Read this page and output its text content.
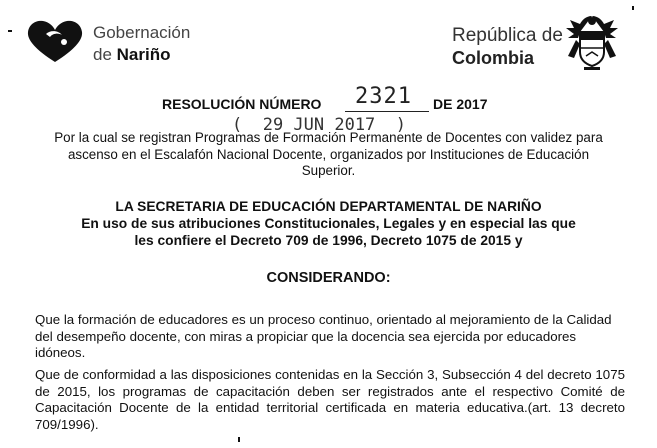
Gobernación
de Nariño
República de
Colombia
RESOLUCIÓN NÚMERO 2321 DE 2017
(  29 JUN 2017  )
Por la cual se registran Programas de Formación Permanente de Docentes con validez para ascenso en el Escalafón Nacional Docente, organizados por Instituciones de Educación Superior.
LA SECRETARIA DE EDUCACIÓN DEPARTAMENTAL DE NARIÑO
En uso de sus atribuciones Constitucionales, Legales y en especial las que
les confiere el Decreto 709 de 1996, Decreto 1075 de 2015 y
CONSIDERANDO:
Que la formación de educadores es un proceso continuo, orientado al mejoramiento de la Calidad del desempeño docente, con miras a propiciar que la docencia sea ejercida por educadores idóneos.
Que de conformidad a las disposiciones contenidas en la Sección 3, Subsección 4 del decreto 1075 de 2015, los programas de capacitación deben ser registrados ante el respectivo Comité de Capacitación Docente de la entidad territorial certificada en materia educativa.(art. 13 decreto 709/1996).
